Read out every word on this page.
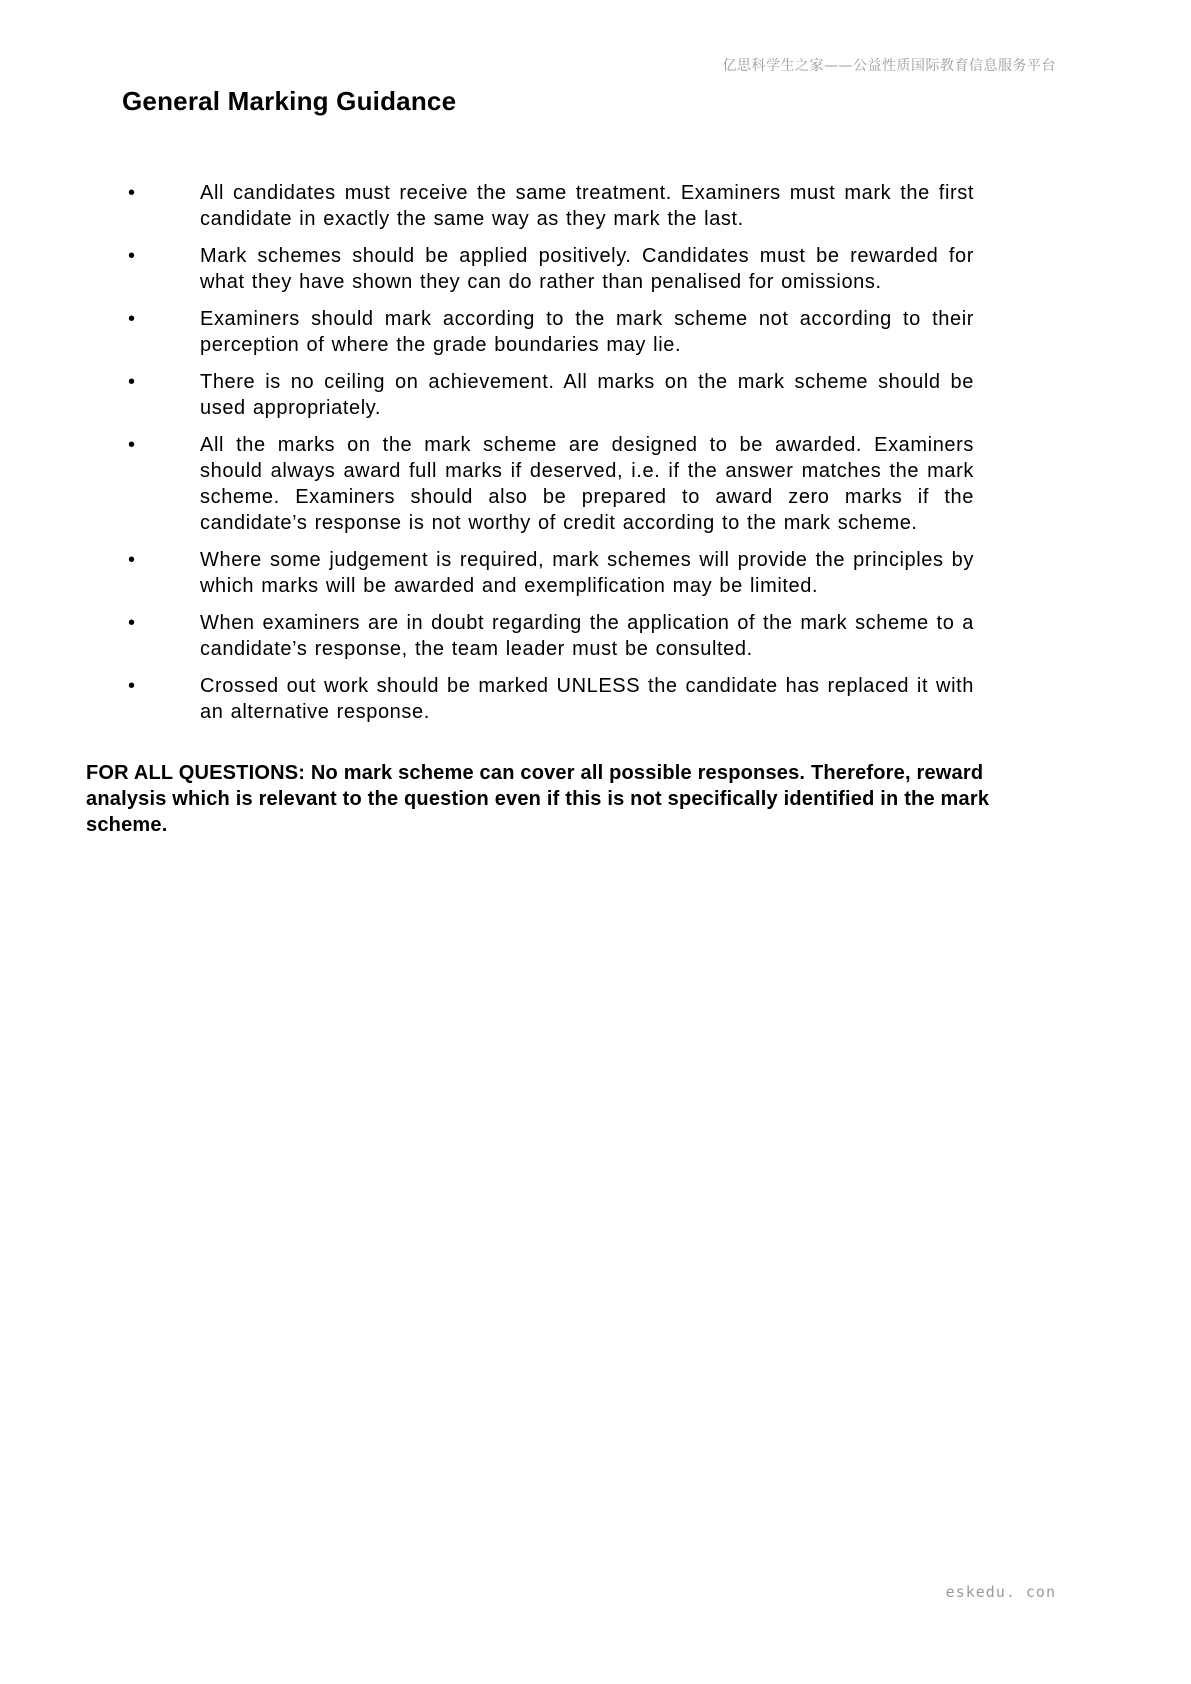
亿思科学生之家——公益性质国际教育信息服务平台
General Marking Guidance
•	All candidates must receive the same treatment. Examiners must mark the first candidate in exactly the same way as they mark the last.
•	Mark schemes should be applied positively. Candidates must be rewarded for what they have shown they can do rather than penalised for omissions.
•	Examiners should mark according to the mark scheme not according to their perception of where the grade boundaries may lie.
•	There is no ceiling on achievement. All marks on the mark scheme should be used appropriately.
•	All the marks on the mark scheme are designed to be awarded. Examiners should always award full marks if deserved, i.e. if the answer matches the mark scheme. Examiners should also be prepared to award zero marks if the candidate’s response is not worthy of credit according to the mark scheme.
•	Where some judgement is required, mark schemes will provide the principles by which marks will be awarded and exemplification may be limited.
•	When examiners are in doubt regarding the application of the mark scheme to a candidate’s response, the team leader must be consulted.
•	Crossed out work should be marked UNLESS the candidate has replaced it with an alternative response.

FOR ALL QUESTIONS: No mark scheme can cover all possible responses. Therefore, reward analysis which is relevant to the question even if this is not specifically identified in the mark scheme.

eskedu. con
